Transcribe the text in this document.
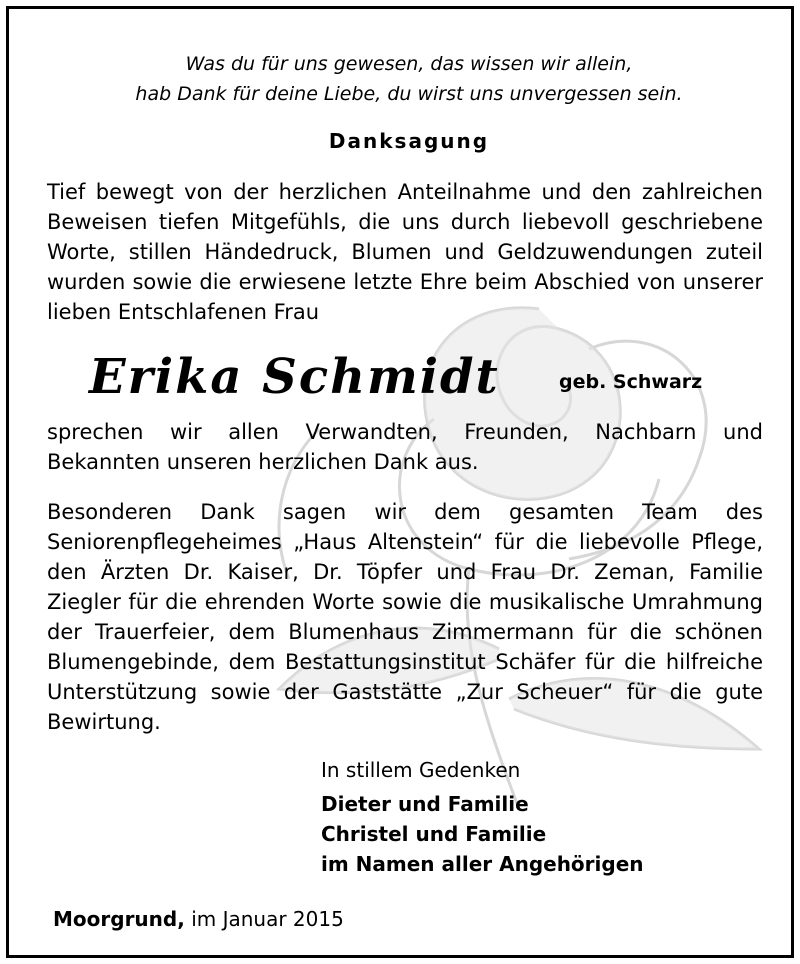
Was du für uns gewesen, das wissen wir allein,
hab Dank für deine Liebe, du wirst uns unvergessen sein.
Danksagung
Tief bewegt von der herzlichen Anteilnahme und den zahlreichen Beweisen tiefen Mitgefühls, die uns durch liebevoll geschriebene Worte, stillen Händedruck, Blumen und Geldzuwendungen zuteil wurden sowie die erwiesene letzte Ehre beim Abschied von unserer lieben Entschlafenen Frau
Erika Schmidt	geb. Schwarz
sprechen wir allen Verwandten, Freunden, Nachbarn und Bekannten unseren herzlichen Dank aus.
Besonderen Dank sagen wir dem gesamten Team des Seniorenpflegeheimes „Haus Altenstein“ für die liebevolle Pflege, den Ärzten Dr. Kaiser, Dr. Töpfer und Frau Dr. Zeman, Familie Ziegler für die ehrenden Worte sowie die musikalische Umrahmung der Trauerfeier, dem Blumenhaus Zimmermann für die schönen Blumengebinde, dem Bestattungsinstitut Schäfer für die hilfreiche Unterstützung sowie der Gaststätte „Zur Scheuer“ für die gute Bewirtung.
In stillem Gedenken
Dieter und Familie
Christel und Familie
im Namen aller Angehörigen
Moorgrund, im Januar 2015
